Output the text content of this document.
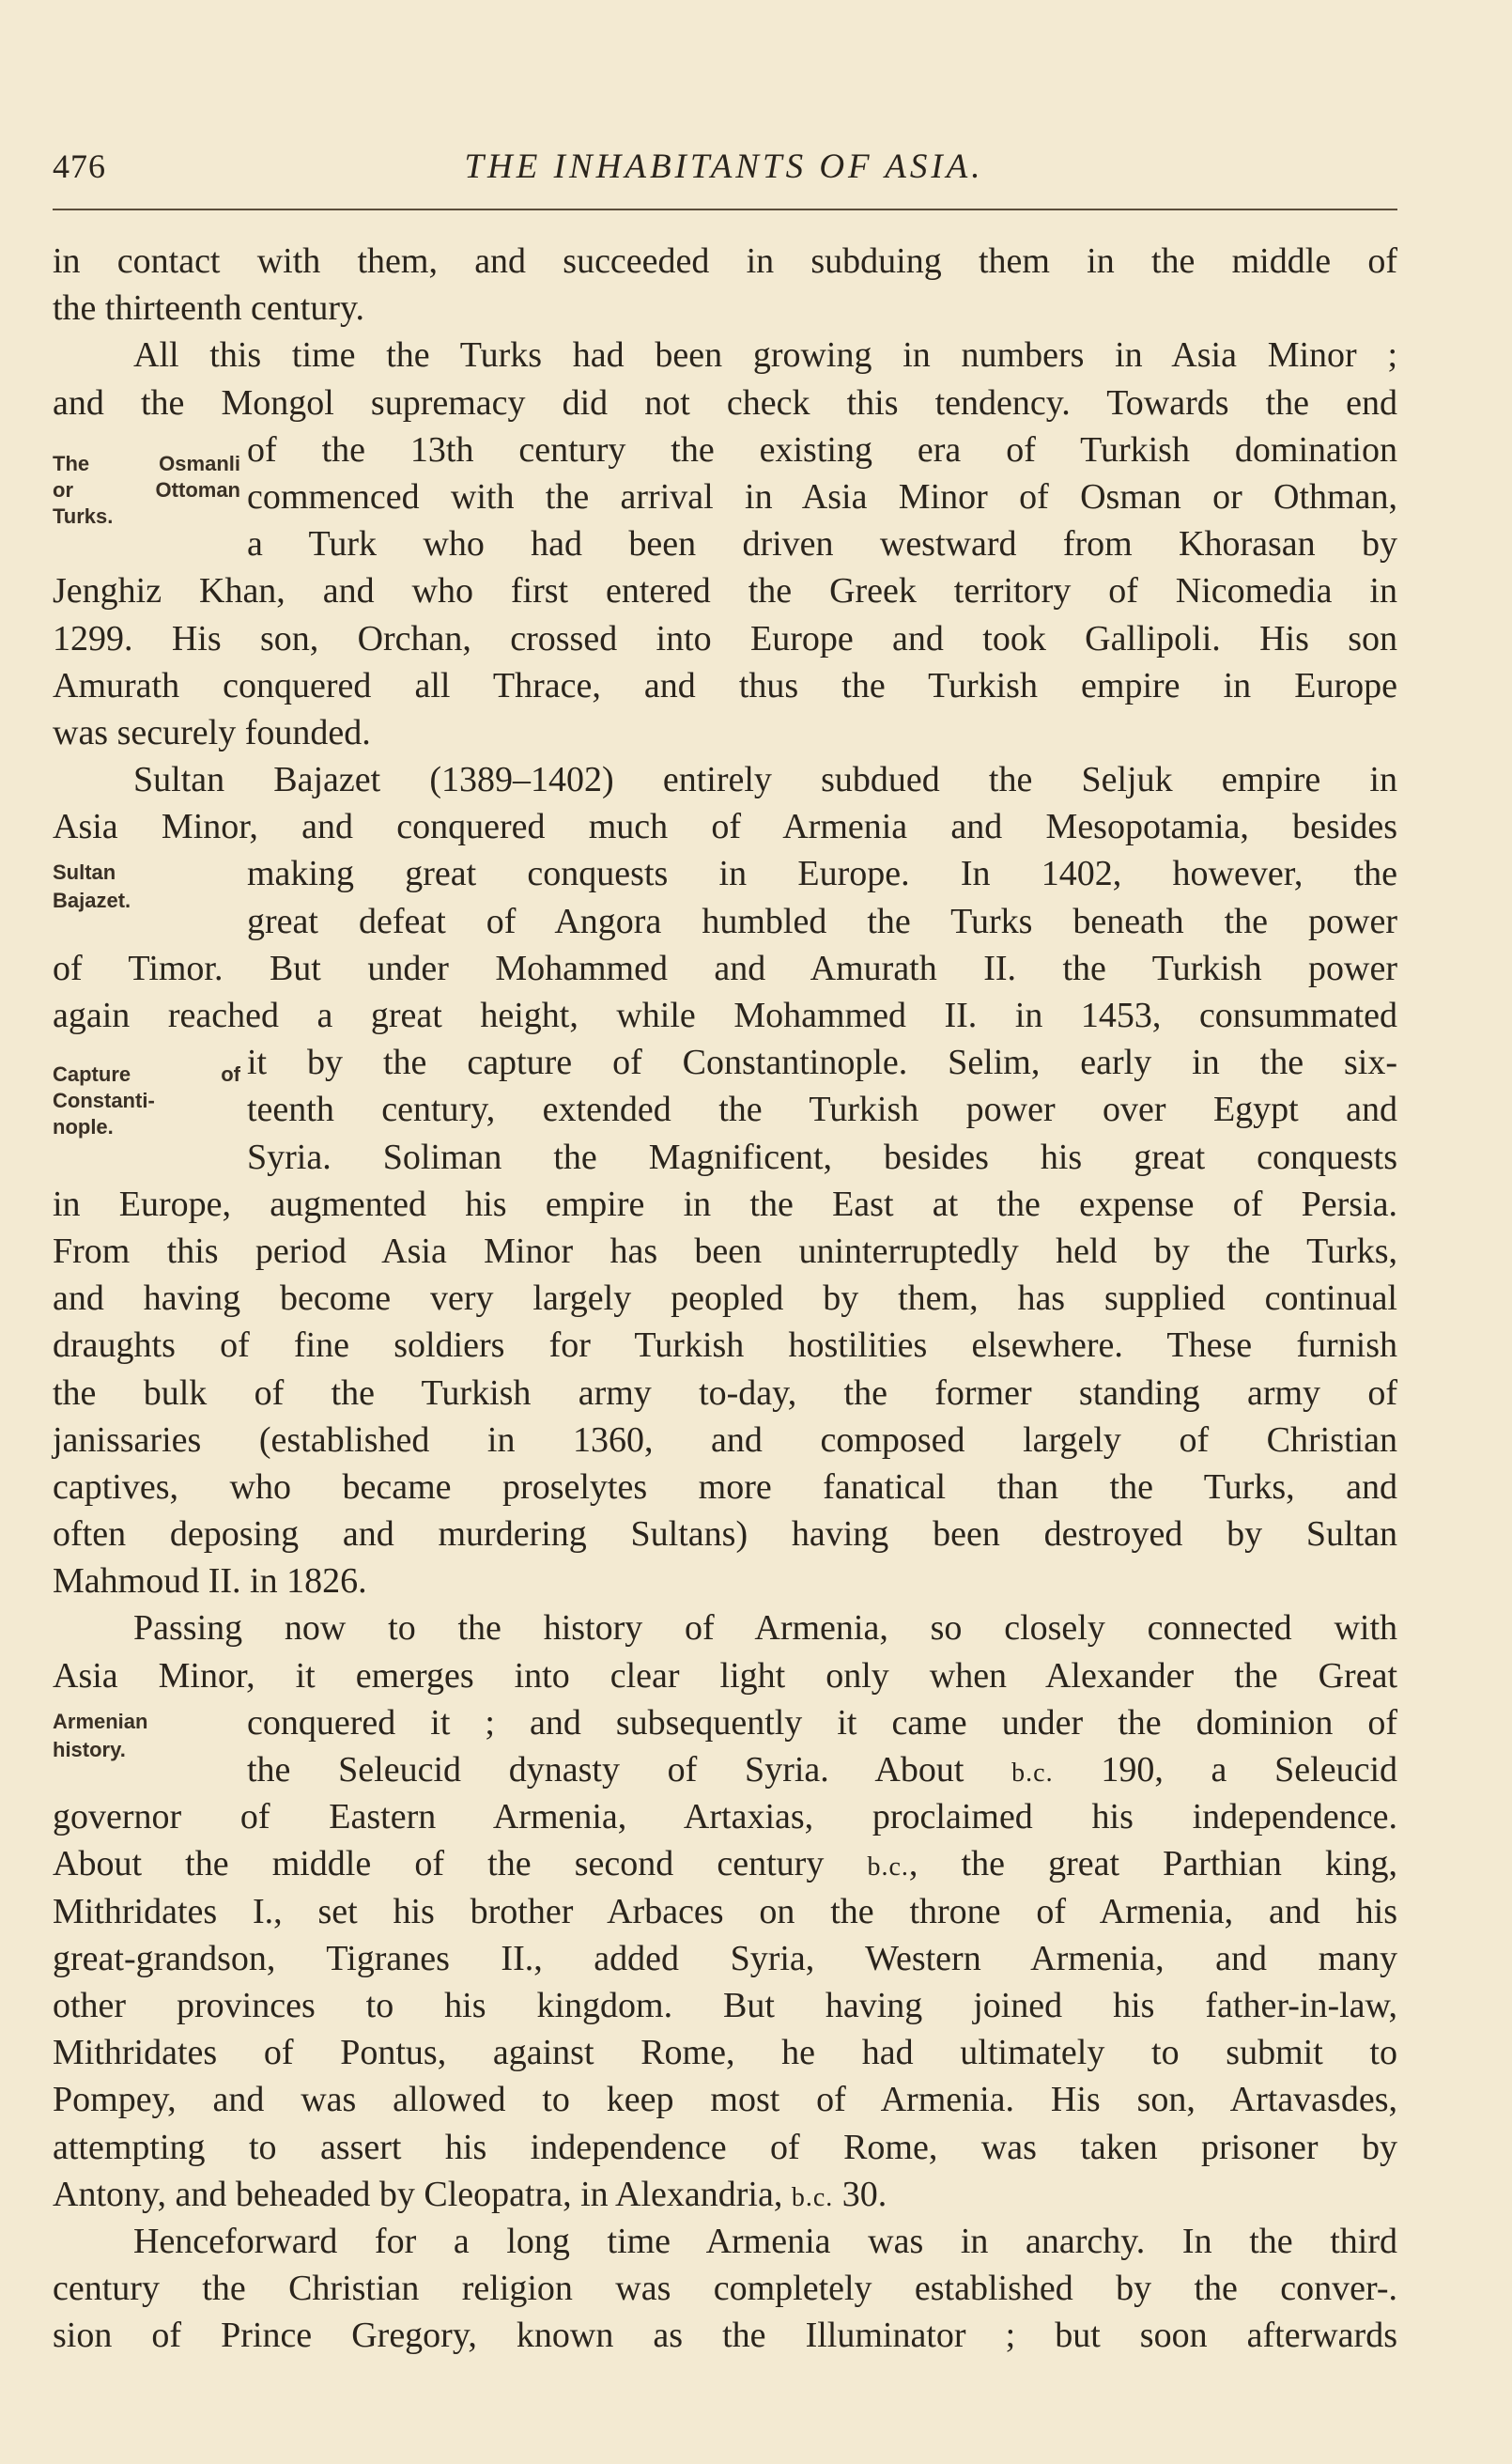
476	THE INHABITANTS OF ASIA.
in contact with them, and succeeded in subduing them in the middle of
the thirteenth century.
All this time the Turks had been growing in numbers in Asia Minor ;
and the Mongol supremacy did not check this tendency. Towards the end
The Osmanli
or Ottoman
Turks.
of the 13th century the existing era of Turkish domination
commenced with the arrival in Asia Minor of Osman or Othman,
a Turk who had been driven westward from Khorasan by
Jenghiz Khan, and who first entered the Greek territory of Nicomedia in
1299. His son, Orchan, crossed into Europe and took Gallipoli. His son
Amurath conquered all Thrace, and thus the Turkish empire in Europe
was securely founded.
Sultan Bajazet (1389–1402) entirely subdued the Seljuk empire in
Asia Minor, and conquered much of Armenia and Mesopotamia, besides
Sultan
Bajazet.
making great conquests in Europe. In 1402, however, the
great defeat of Angora humbled the Turks beneath the power
of Timor. But under Mohammed and Amurath II. the Turkish power
again reached a great height, while Mohammed II. in 1453, consummated
Capture of
Constanti-
nople.
it by the capture of Constantinople. Selim, early in the six-
teenth century, extended the Turkish power over Egypt and
Syria. Soliman the Magnificent, besides his great conquests
in Europe, augmented his empire in the East at the expense of Persia.
From this period Asia Minor has been uninterruptedly held by the Turks,
and having become very largely peopled by them, has supplied continual
draughts of fine soldiers for Turkish hostilities elsewhere. These furnish
the bulk of the Turkish army to-day, the former standing army of
janissaries (established in 1360, and composed largely of Christian
captives, who became proselytes more fanatical than the Turks, and
often deposing and murdering Sultans) having been destroyed by Sultan
Mahmoud II. in 1826.
Passing now to the history of Armenia, so closely connected with
Asia Minor, it emerges into clear light only when Alexander the Great
Armenian
history.
conquered it ; and subsequently it came under the dominion of
the Seleucid dynasty of Syria. About b.c. 190, a Seleucid
governor of Eastern Armenia, Artaxias, proclaimed his independence.
About the middle of the second century b.c., the great Parthian king,
Mithridates I., set his brother Arbaces on the throne of Armenia, and his
great-grandson, Tigranes II., added Syria, Western Armenia, and many
other provinces to his kingdom. But having joined his father-in-law,
Mithridates of Pontus, against Rome, he had ultimately to submit to
Pompey, and was allowed to keep most of Armenia. His son, Artavasdes,
attempting to assert his independence of Rome, was taken prisoner by
Antony, and beheaded by Cleopatra, in Alexandria, b.c. 30.
Henceforward for a long time Armenia was in anarchy. In the third
century the Christian religion was completely established by the conver-.
sion of Prince Gregory, known as the Illuminator ; but soon afterwards
